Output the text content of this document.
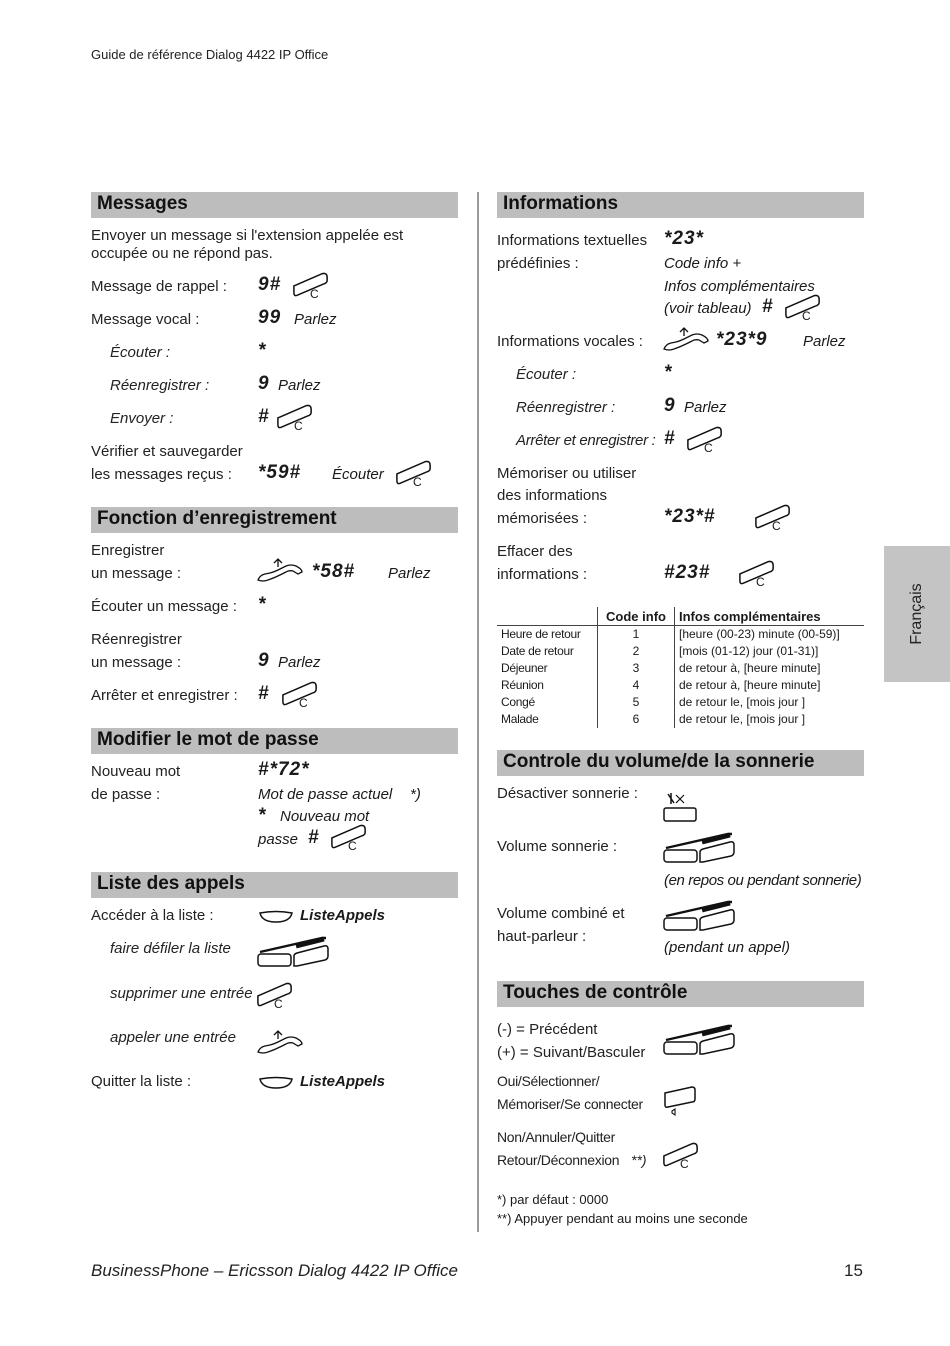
Guide de référence Dialog 4422 IP Office
Français
Messages
Envoyer un message si l'extension appelée est
occupée ou ne répond pas.
Message de rappel : 9# C
Message vocal :	99 Parlez
Écouter :	*
Réenregistrer :	9 Parlez
Envoyer :	# C
Vérifier et sauvegarder
les messages reçus : *59# Écouter C
Fonction d’enregistrement
Enregistrer
un message :	*58# Parlez
Écouter un message : *
Réenregistrer
un message :	9 Parlez
Arrêter et enregistrer : # C
Modifier le mot de passe
Nouveau mot
de passe :
#*72*
Mot de passe actuel *)
* Nouveau mot
passe # C
Liste des appels
Accéder à la liste :	ListeAppels
faire défiler la liste
supprimer une entrée
C
appeler une entrée
Quitter la liste :	ListeAppels
Informations
Informations textuelles
prédéfinies :
*23*
Code info +
Infos complémentaires
(voir tableau) # C
Informations vocales :	*23*9 Parlez
Écouter :	*
Réenregistrer :	9 Parlez
Arrêter et enregistrer : # C
Mémoriser ou utiliser
des informations
mémorisées :	*23*#	C
Effacer des
informations :	#23#	C
	Code info	Infos complémentaires
Heure de retour	1	[heure (00-23) minute (00-59)]
Date de retour	2	[mois (01-12) jour (01-31)]
Déjeuner	3	de retour à, [heure minute]
Réunion	4	de retour à, [heure minute]
Congé	5	de retour le, [mois jour ]
Malade	6	de retour le, [mois jour ]
Controle du volume/de la sonnerie
Désactiver sonnerie :
Volume sonnerie :
(en repos ou pendant sonnerie)
Volume combiné et
haut-parleur :
(pendant un appel)
Touches de contrôle
(-) = Précédent
(+) = Suivant/Basculer
Oui/Sélectionner/
Mémoriser/Se connecter
Non/Annuler/Quitter
Retour/Déconnexion **)	C
*) par défaut : 0000
**) Appuyer pendant au moins une seconde
BusinessPhone – Ericsson Dialog 4422 IP Office	15
